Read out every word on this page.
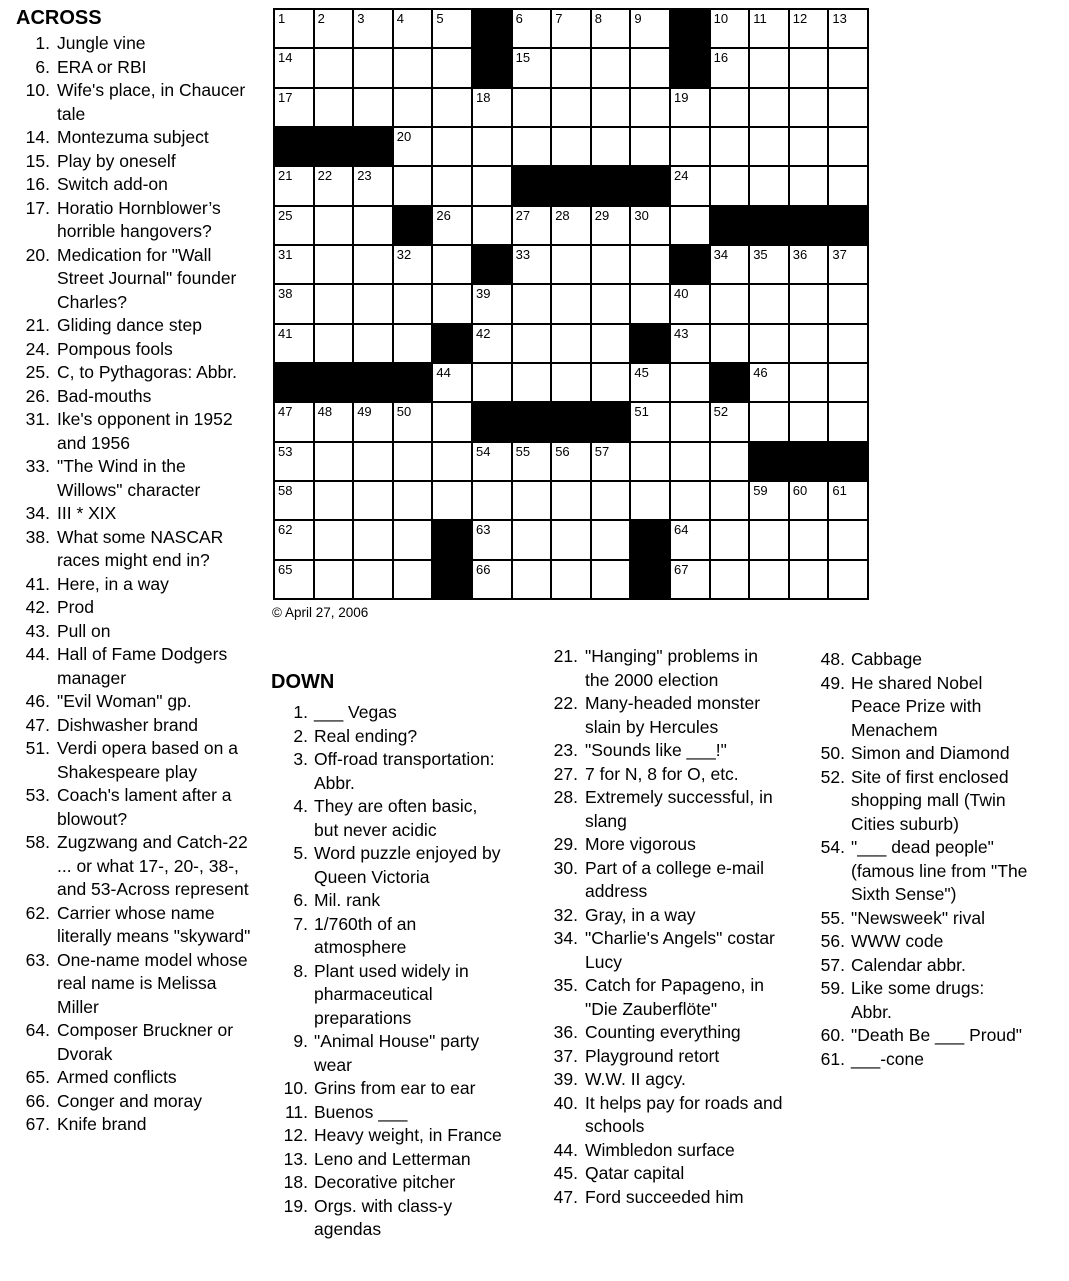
ACROSS
1. Jungle vine
6. ERA or RBI
10. Wife's place, in Chaucer tale
14. Montezuma subject
15. Play by oneself
16. Switch add-on
17. Horatio Hornblower’s horrible hangovers?
20. Medication for "Wall Street Journal" founder Charles?
21. Gliding dance step
24. Pompous fools
25. C, to Pythagoras: Abbr.
26. Bad-mouths
31. Ike's opponent in 1952 and 1956
33. "The Wind in the Willows" character
34. III * XIX
38. What some NASCAR races might end in?
41. Here, in a way
42. Prod
43. Pull on
44. Hall of Fame Dodgers manager
46. "Evil Woman" gp.
47. Dishwasher brand
51. Verdi opera based on a Shakespeare play
53. Coach's lament after a blowout?
58. Zugzwang and Catch-22 ... or what 17-, 20-, 38-, and 53-Across represent
62. Carrier whose name literally means "skyward"
63. One-name model whose real name is Melissa Miller
64. Composer Bruckner or Dvorak
65. Armed conflicts
66. Conger and moray
67. Knife brand
1 2 3 4 5	6 7 8 9	10 11 12 13
14	15	16
17	18	19
20
21 22 23	24
25	26	27 28 29 30
31	32	33	34 35 36 37
38	39	40
41	42	43
44	45	46
47 48 49 50	51	52
53	54 55 56 57
58	59 60 61
62	63	64
65	66	67
© April 27, 2006
DOWN
1. ___ Vegas
2. Real ending?
3. Off-road transportation: Abbr.
4. They are often basic, but never acidic
5. Word puzzle enjoyed by Queen Victoria
6. Mil. rank
7. 1/760th of an atmosphere
8. Plant used widely in pharmaceutical preparations
9. "Animal House" party wear
10. Grins from ear to ear
11. Buenos ___
12. Heavy weight, in France
13. Leno and Letterman
18. Decorative pitcher
19. Orgs. with class-y agendas
21. "Hanging" problems in the 2000 election
22. Many-headed monster slain by Hercules
23. "Sounds like ___!"
27. 7 for N, 8 for O, etc.
28. Extremely successful, in slang
29. More vigorous
30. Part of a college e-mail address
32. Gray, in a way
34. "Charlie's Angels" costar Lucy
35. Catch for Papageno, in "Die Zauberflöte"
36. Counting everything
37. Playground retort
39. W.W. II agcy.
40. It helps pay for roads and schools
44. Wimbledon surface
45. Qatar capital
47. Ford succeeded him
48. Cabbage
49. He shared Nobel Peace Prize with Menachem
50. Simon and Diamond
52. Site of first enclosed shopping mall (Twin Cities suburb)
54. "___ dead people" (famous line from "The Sixth Sense")
55. "Newsweek" rival
56. WWW code
57. Calendar abbr.
59. Like some drugs: Abbr.
60. "Death Be ___ Proud"
61. ___-cone
